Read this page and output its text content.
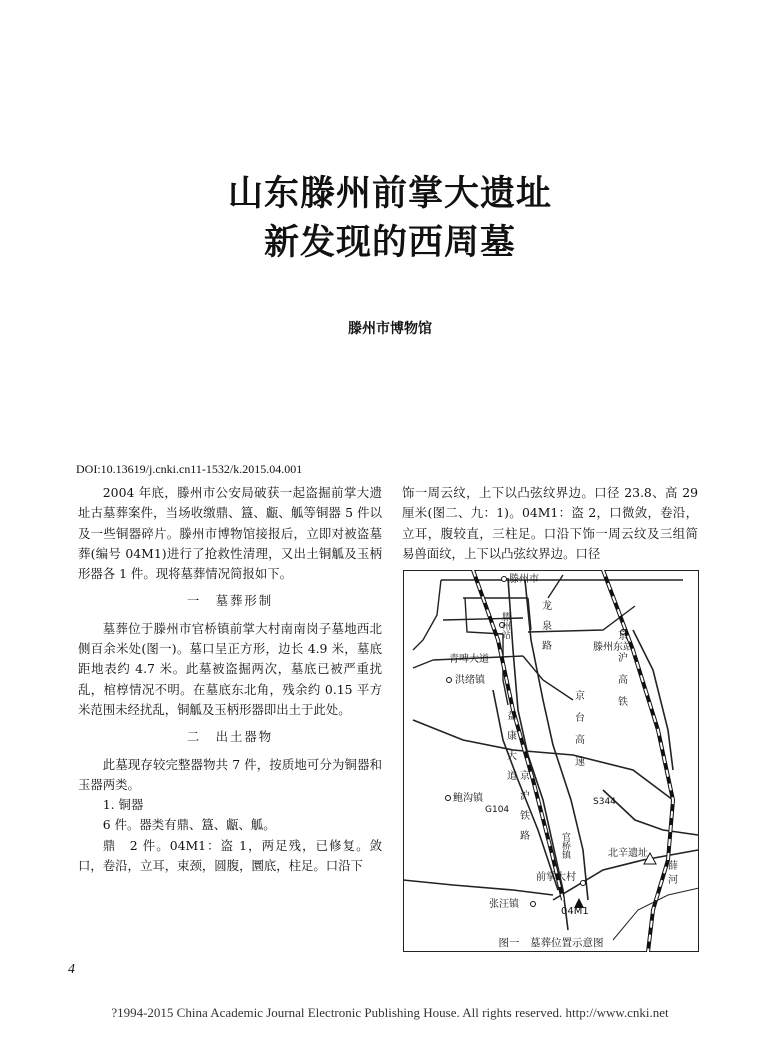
山东滕州前掌大遗址
新发现的西周墓
滕州市博物馆
DOI:10.13619/j.cnki.cn11-1532/k.2015.04.001

2004 年底，滕州市公安局破获一起盗掘前掌大遗址古墓葬案件，当场收缴鼎、簋、甗、觚等铜器 5 件以及一些铜器碎片。滕州市博物馆接报后，立即对被盗墓葬(编号 04M1)进行了抢救性清理，又出土铜觚及玉柄形器各 1 件。现将墓葬情况简报如下。

一　墓葬形制

墓葬位于滕州市官桥镇前掌大村南南岗子墓地西北侧百余米处(图一)。墓口呈正方形，边长 4.9 米，墓底距地表约 4.7 米。此墓被盗掘两次，墓底已被严重扰乱，棺椁情况不明。在墓底东北角，残余约 0.15 平方米范围未经扰乱，铜觚及玉柄形器即出土于此处。

二　出土器物

此墓现存较完整器物共 7 件，按质地可分为铜器和玉器两类。

1. 铜器

6 件。器类有鼎、簋、甗、觚。

鼎　2 件。04M1：盗 1，两足残，已修复。敛口，卷沿，立耳，束颈，圆腹，圜底，柱足。口沿下

饰一周云纹，上下以凸弦纹界边。口径 23.8、高 29 厘米(图二、九：1)。04M1：盗 2，口微敛，卷沿，立耳，腹较直，三柱足。口沿下饰一周云纹及三组简易兽面纹，上下以凸弦纹界边。口径

滕州市
滕州站
滕州东站
青啤大道
洪绪镇
鲍沟镇
张汪镇
官桥镇
前掌大村
北辛遗址
04M1
G104
S344
龙泉路
益康大道
京沪铁路
京台高速
京沪高铁
薛河
图一　墓葬位置示意图
4
?1994-2015 China Academic Journal Electronic Publishing House. All rights reserved. http://www.cnki.net
